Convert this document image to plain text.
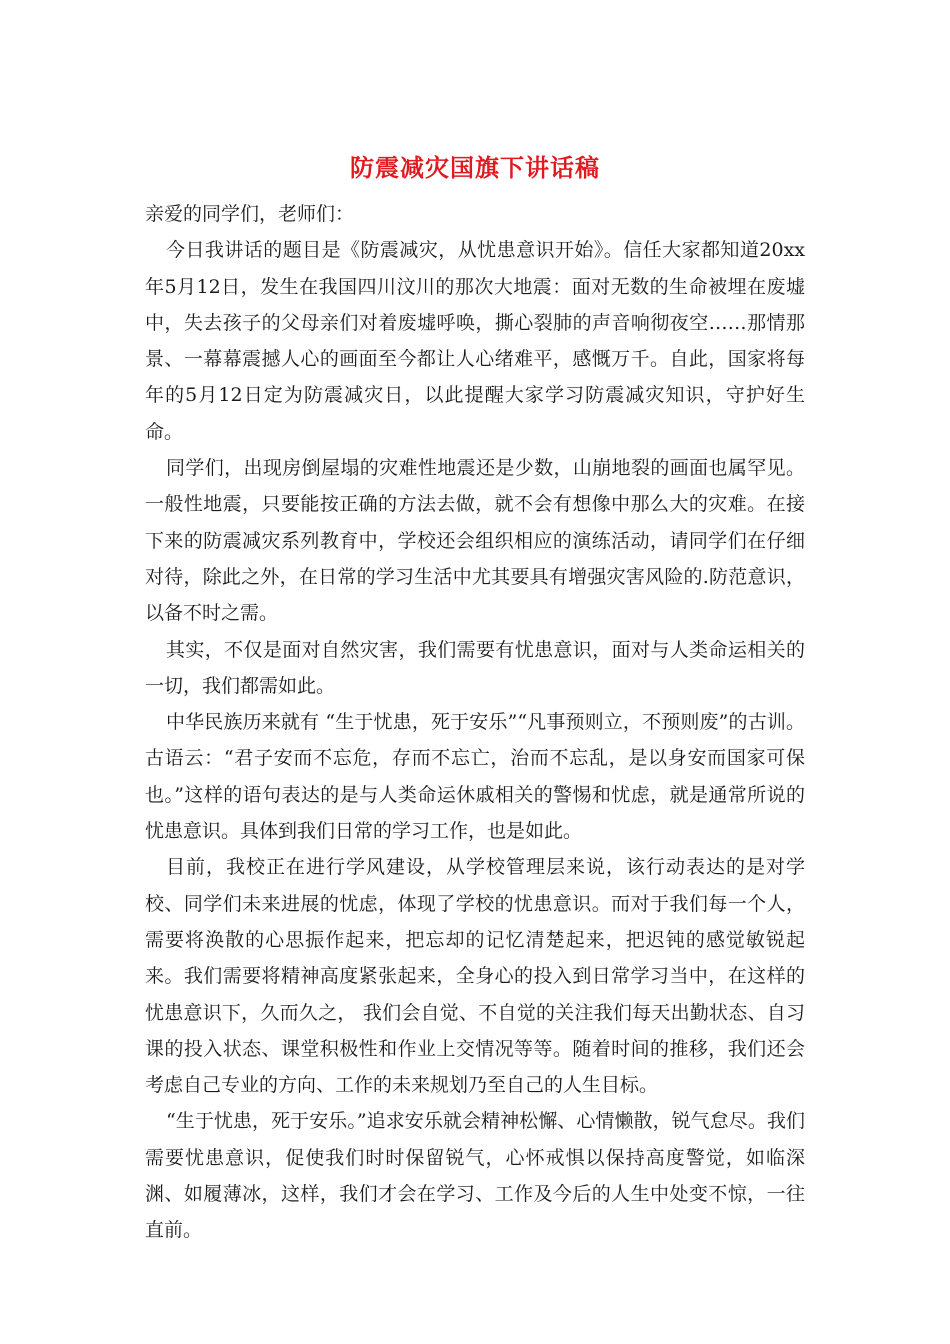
防震减灾国旗下讲话稿

亲爱的同学们，老师们：

今日我讲话的题目是《防震减灾，从忧患意识开始》。信任大家都知道20xx年5月12日，发生在我国四川汶川的那次大地震：面对无数的生命被埋在废墟中，失去孩子的父母亲们对着废墟呼唤，撕心裂肺的声音响彻夜空……那情那景、一幕幕震撼人心的画面至今都让人心绪难平，感慨万千。自此，国家将每年的5月12日定为防震减灾日，以此提醒大家学习防震减灾知识，守护好生命。

同学们，出现房倒屋塌的灾难性地震还是少数，山崩地裂的画面也属罕见。一般性地震，只要能按正确的方法去做，就不会有想像中那么大的灾难。在接下来的防震减灾系列教育中，学校还会组织相应的演练活动，请同学们在仔细对待，除此之外，在日常的学习生活中尤其要具有增强灾害风险的.防范意识，以备不时之需。

其实，不仅是面对自然灾害，我们需要有忧患意识，面对与人类命运相关的一切，我们都需如此。

中华民族历来就有 “生于忧患，死于安乐”“凡事预则立，不预则废”的古训。古语云：“君子安而不忘危，存而不忘亡，治而不忘乱，是以身安而国家可保也。”这样的语句表达的是与人类命运休戚相关的警惕和忧虑，就是通常所说的忧患意识。具体到我们日常的学习工作，也是如此。

目前，我校正在进行学风建设，从学校管理层来说，该行动表达的是对学校、同学们未来进展的忧虑，体现了学校的忧患意识。而对于我们每一个人，需要将涣散的心思振作起来，把忘却的记忆清楚起来，把迟钝的感觉敏锐起来。我们需要将精神高度紧张起来，全身心的投入到日常学习当中，在这样的忧患意识下，久而久之， 我们会自觉、不自觉的关注我们每天出勤状态、自习课的投入状态、课堂积极性和作业上交情况等等。随着时间的推移，我们还会考虑自己专业的方向、工作的未来规划乃至自己的人生目标。

“生于忧患，死于安乐。”追求安乐就会精神松懈、心情懒散，锐气怠尽。我们需要忧患意识，促使我们时时保留锐气，心怀戒惧以保持高度警觉，如临深渊、如履薄冰，这样，我们才会在学习、工作及今后的人生中处变不惊，一往直前。
